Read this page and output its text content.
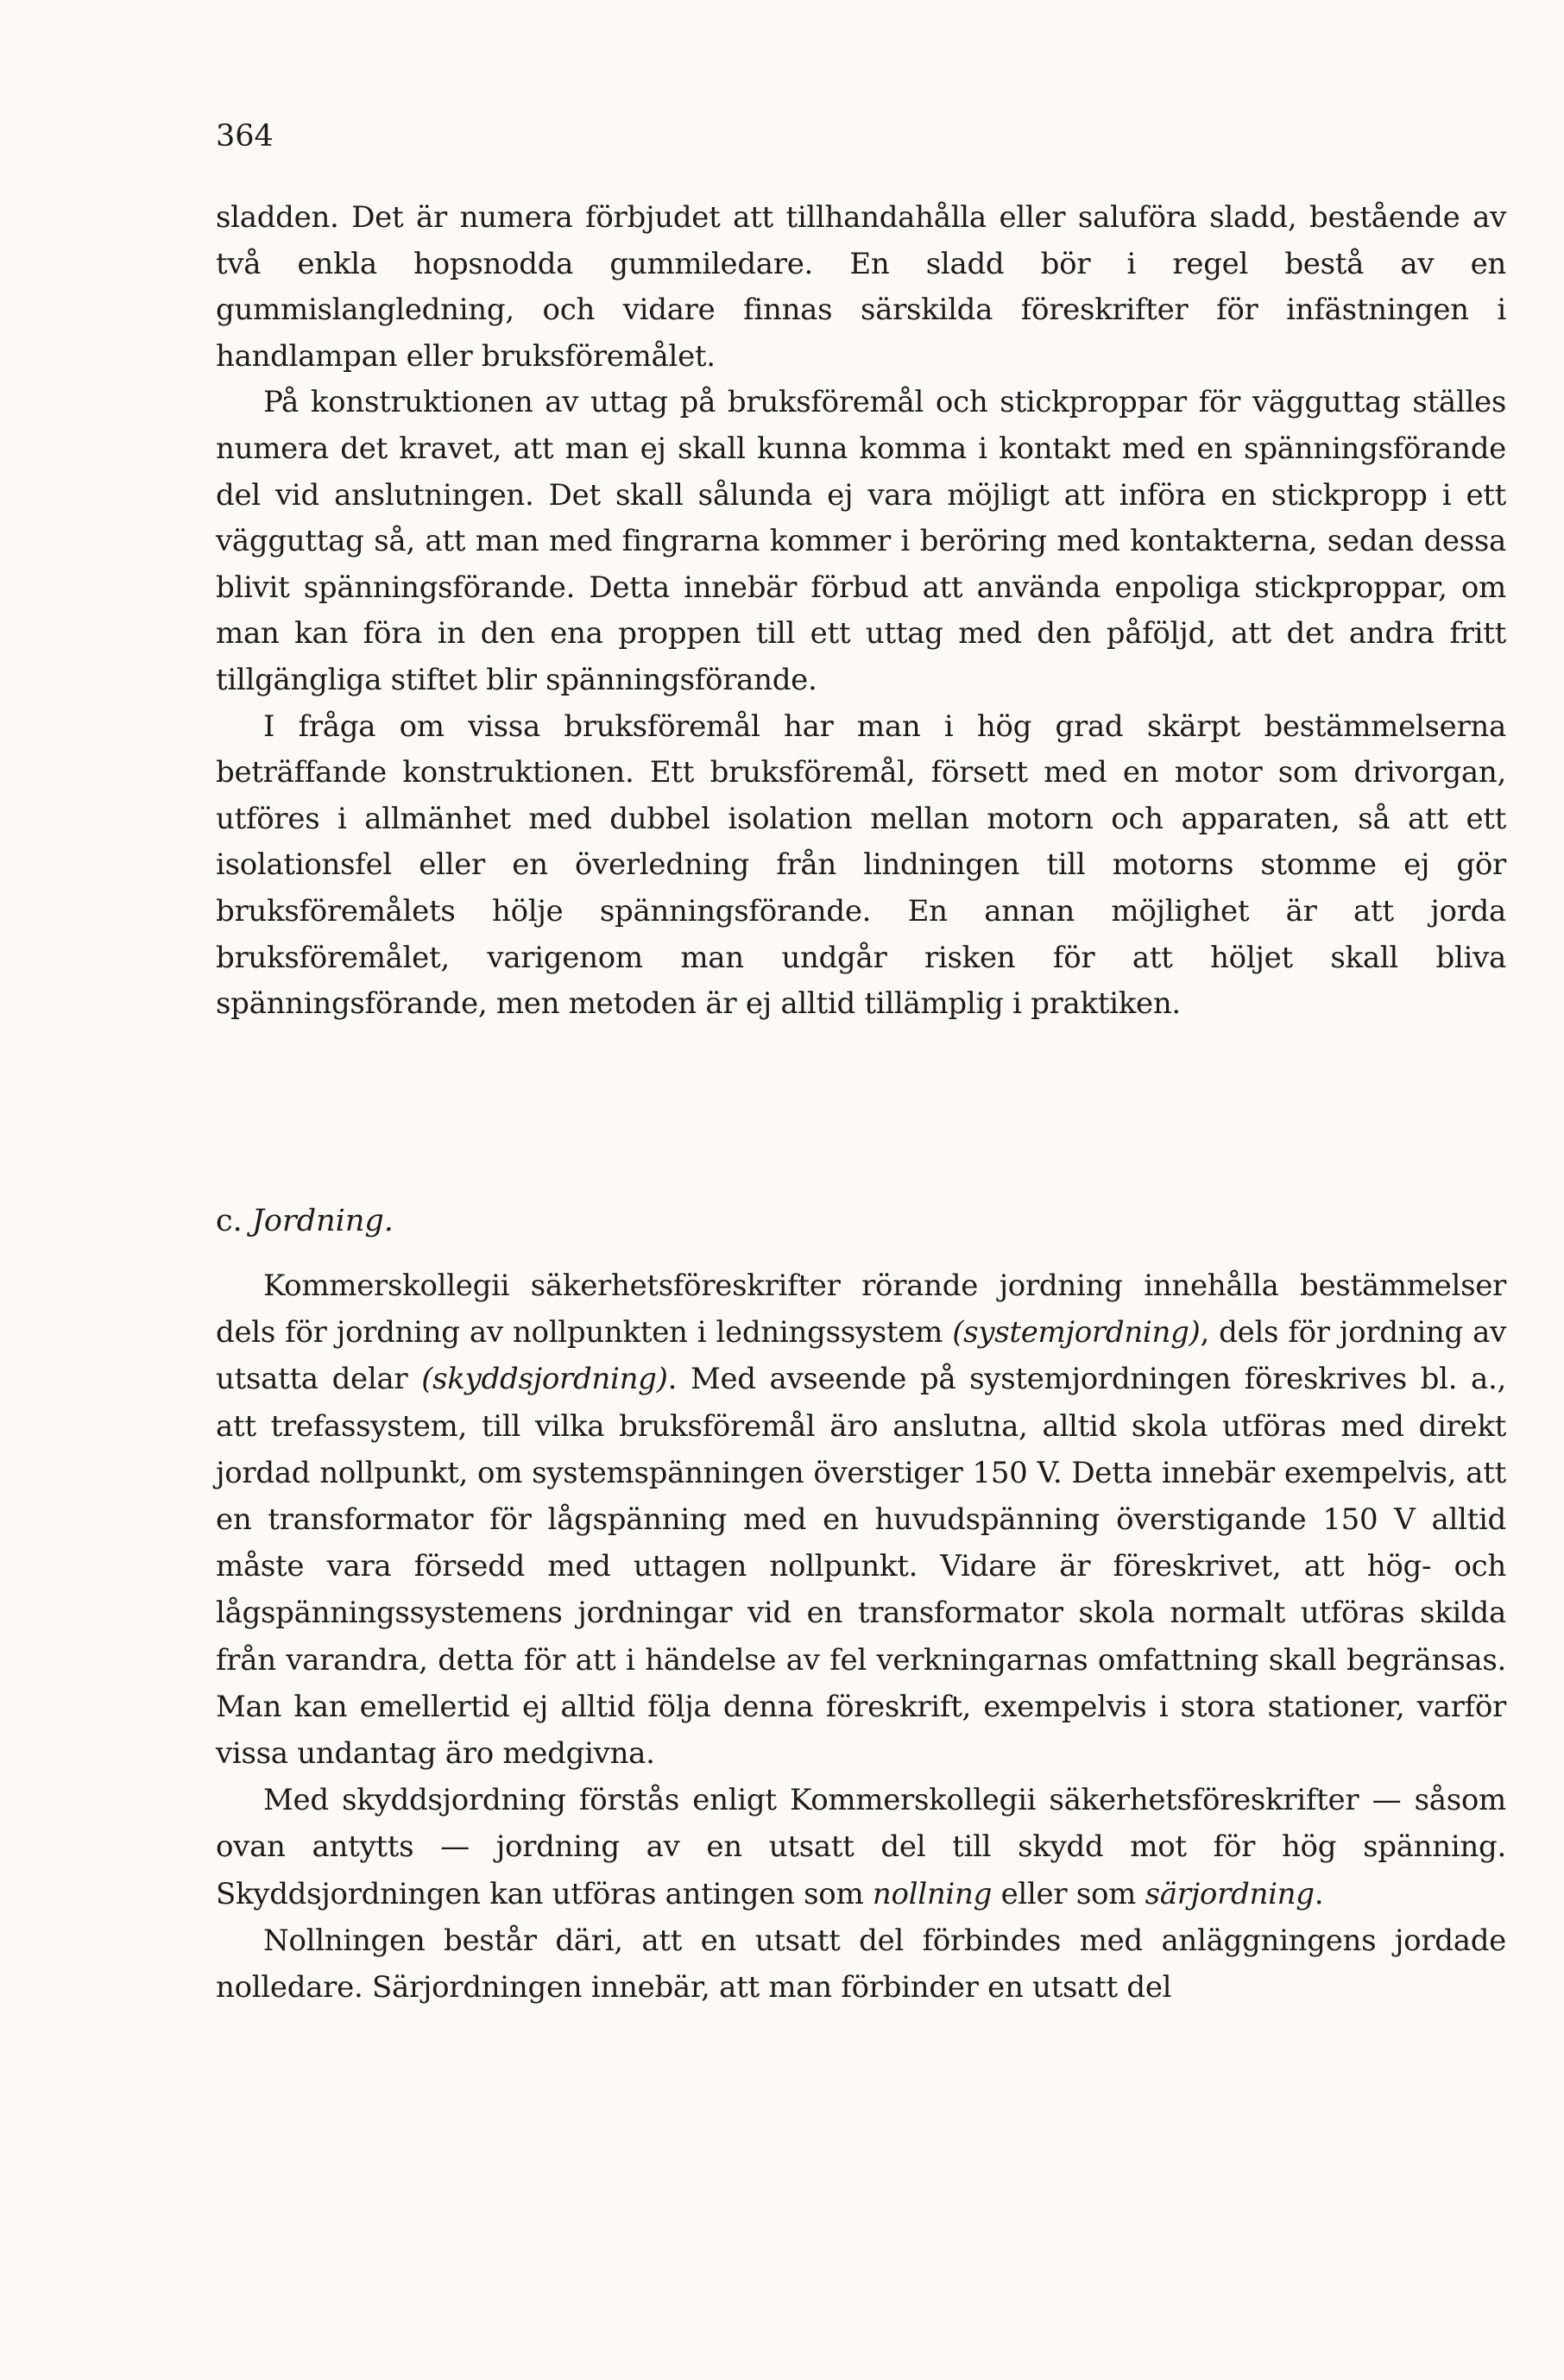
364

sladden. Det är numera förbjudet att tillhandahålla eller saluföra sladd, bestående av två enkla hopsnodda gummiledare. En sladd bör i regel bestå av en gummislangledning, och vidare finnas särskilda föreskrifter för infästningen i handlampan eller bruksföremålet.

På konstruktionen av uttag på bruksföremål och stickproppar för vägguttag ställes numera det kravet, att man ej skall kunna komma i kontakt med en spänningsförande del vid anslutningen. Det skall sålunda ej vara möjligt att införa en stickpropp i ett vägguttag så, att man med fingrarna kommer i beröring med kontakterna, sedan dessa blivit spänningsförande. Detta innebär förbud att använda enpoliga stickproppar, om man kan föra in den ena proppen till ett uttag med den påföljd, att det andra fritt tillgängliga stiftet blir spänningsförande.

I fråga om vissa bruksföremål har man i hög grad skärpt bestämmelserna beträffande konstruktionen. Ett bruksföremål, försett med en motor som drivorgan, utföres i allmänhet med dubbel isolation mellan motorn och apparaten, så att ett isolationsfel eller en överledning från lindningen till motorns stomme ej gör bruksföremålets hölje spänningsförande. En annan möjlighet är att jorda bruksföremålet, varigenom man undgår risken för att höljet skall bliva spänningsförande, men metoden är ej alltid tillämplig i praktiken.

c. Jordning.

Kommerskollegii säkerhetsföreskrifter rörande jordning innehålla bestämmelser dels för jordning av nollpunkten i ledningssystem (systemjordning), dels för jordning av utsatta delar (skyddsjordning). Med avseende på systemjordningen föreskrives bl. a., att trefassystem, till vilka bruksföremål äro anslutna, alltid skola utföras med direkt jordad nollpunkt, om systemspänningen överstiger 150 V. Detta innebär exempelvis, att en transformator för lågspänning med en huvudspänning överstigande 150 V alltid måste vara försedd med uttagen nollpunkt. Vidare är föreskrivet, att hög- och lågspänningssystemens jordningar vid en transformator skola normalt utföras skilda från varandra, detta för att i händelse av fel verkningarnas omfattning skall begränsas. Man kan emellertid ej alltid följa denna föreskrift, exempelvis i stora stationer, varför vissa undantag äro medgivna.

Med skyddsjordning förstås enligt Kommerskollegii säkerhetsföreskrifter — såsom ovan antytts — jordning av en utsatt del till skydd mot för hög spänning. Skyddsjordningen kan utföras antingen som nollning eller som särjordning.

Nollningen består däri, att en utsatt del förbindes med anläggningens jordade nolledare. Särjordningen innebär, att man förbinder en utsatt del
